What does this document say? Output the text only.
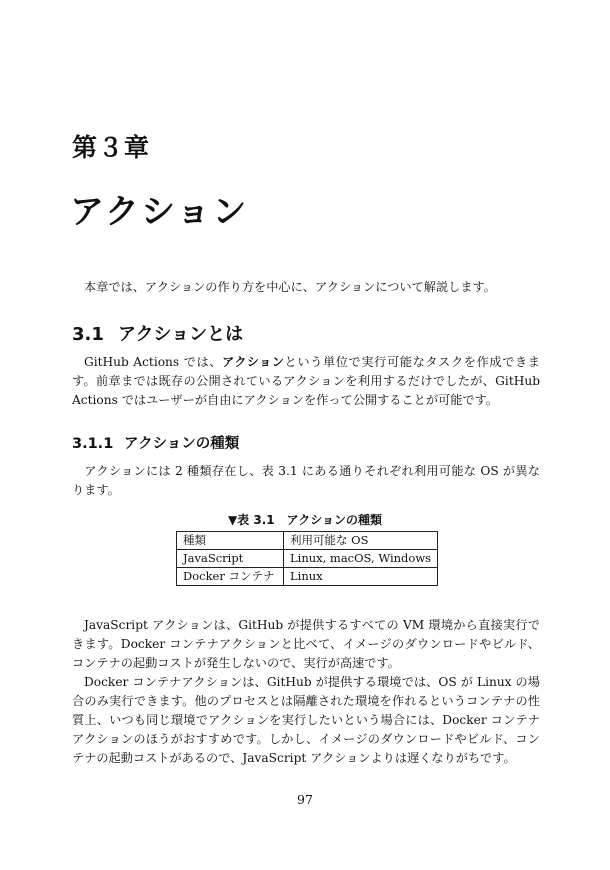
第３章
アクション
本章では、アクションの作り方を中心に、アクションについて解説します。
3.1 アクションとは
GitHub Actions では、アクションという単位で実行可能なタスクを作成できます。前章までは既存の公開されているアクションを利用するだけでしたが、GitHub Actions ではユーザーが自由にアクションを作って公開することが可能です。
3.1.1 アクションの種類
アクションには 2 種類存在し、表 3.1 にある通りそれぞれ利用可能な OS が異なります。
▼表 3.1 アクションの種類
種類	利用可能な OS
JavaScript	Linux, macOS, Windows
Docker コンテナ	Linux
JavaScript アクションは、GitHub が提供するすべての VM 環境から直接実行できます。Docker コンテナアクションと比べて、イメージのダウンロードやビルド、コンテナの起動コストが発生しないので、実行が高速です。
Docker コンテナアクションは、GitHub が提供する環境では、OS が Linux の場合のみ実行できます。他のプロセスとは隔離された環境を作れるというコンテナの性質上、いつも同じ環境でアクションを実行したいという場合には、Docker コンテナアクションのほうがおすすめです。しかし、イメージのダウンロードやビルド、コンテナの起動コストがあるので、JavaScript アクションよりは遅くなりがちです。
97
